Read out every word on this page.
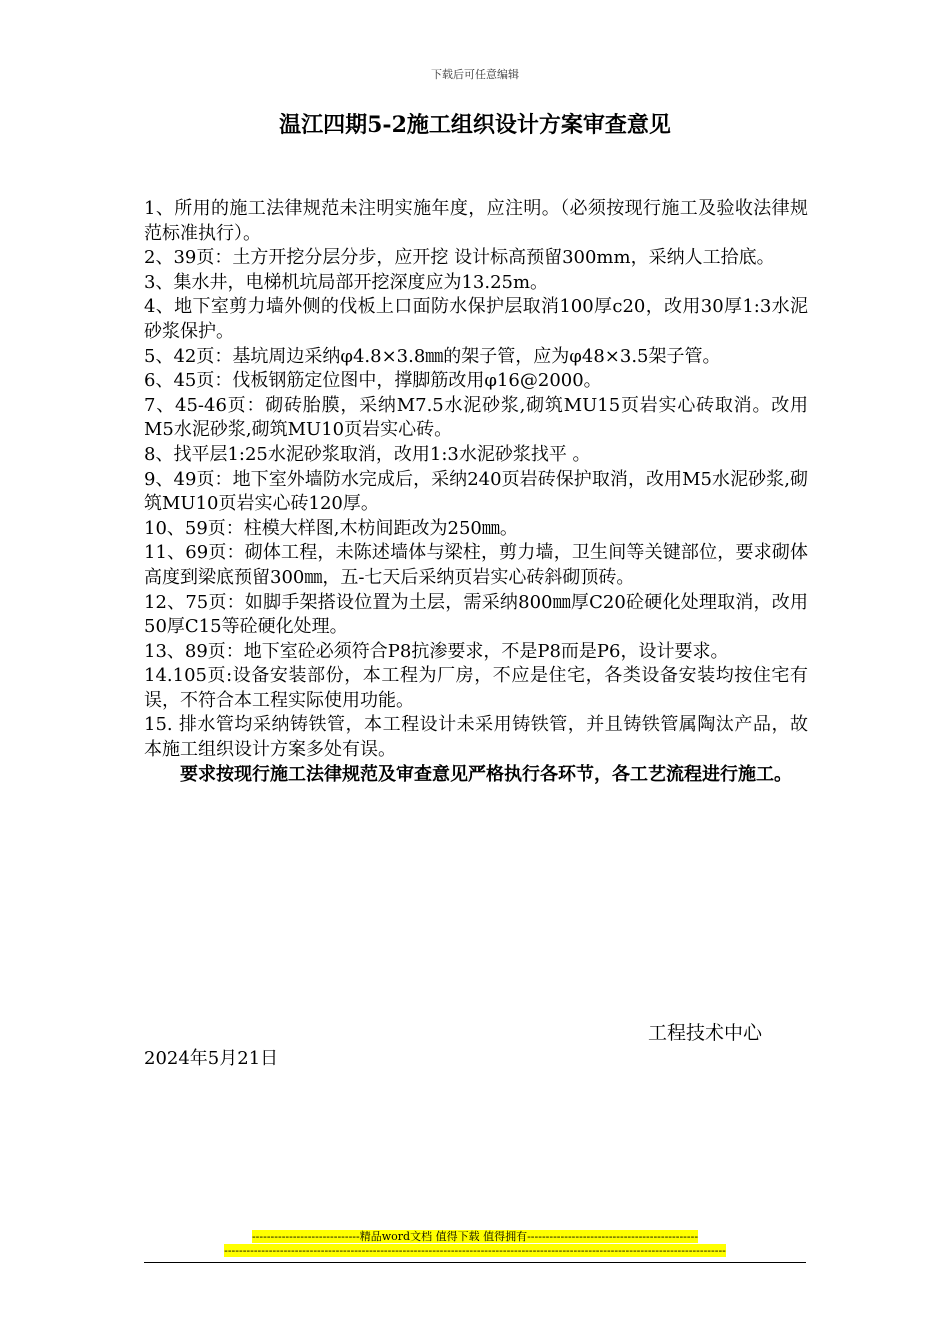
下载后可任意编辑
温江四期5-2施工组织设计方案审查意见

1、所用的施工法律规范未注明实施年度，应注明。（必须按现行施工及验收法律规范标准执行）。

2、39页：土方开挖分层分步，应开挖 设计标高预留300mm，采纳人工拾底。

3、集水井，电梯机坑局部开挖深度应为13.25m。

4、地下室剪力墙外侧的伐板上口面防水保护层取消100厚c20，改用30厚1:3水泥砂浆保护。

5、42页：基坑周边采纳φ4.8×3.8㎜的架子管，应为φ48×3.5架子管。

6、45页：伐板钢筋定位图中，撑脚筋改用φ16@2000。

7、45-46页：砌砖胎膜，采纳M7.5水泥砂浆,砌筑MU15页岩实心砖取消。改用M5水泥砂浆,砌筑MU10页岩实心砖。

8、找平层1:25水泥砂浆取消，改用1:3水泥砂浆找平 。

9、49页：地下室外墙防水完成后，采纳240页岩砖保护取消，改用M5水泥砂浆,砌筑MU10页岩实心砖120厚。

10、59页：柱模大样图,木枋间距改为250㎜。

11、69页：砌体工程，未陈述墙体与梁柱，剪力墙，卫生间等关键部位，要求砌体高度到梁底预留300㎜，五-七天后采纳页岩实心砖斜砌顶砖。

12、75页：如脚手架搭设位置为土层，需采纳800㎜厚C20砼硬化处理取消，改用50厚C15等砼硬化处理。

13、89页：地下室砼必须符合P8抗渗要求，不是P8而是P6，设计要求。

14.105页:设备安装部份，本工程为厂房，不应是住宅，各类设备安装均按住宅有误，不符合本工程实际使用功能。

15. 排水管均采纳铸铁管，本工程设计未采用铸铁管，并且铸铁管属陶汰产品，故本施工组织设计方案多处有误。

要求按现行施工法律规范及审查意见严格执行各环节，各工艺流程进行施工。

工程技术中心
2024年5月21日
-----------------------------精品word文档 值得下载 值得拥有----------------------------------------------
---------------------------------------------------------------------------------------------------------------------------------------
